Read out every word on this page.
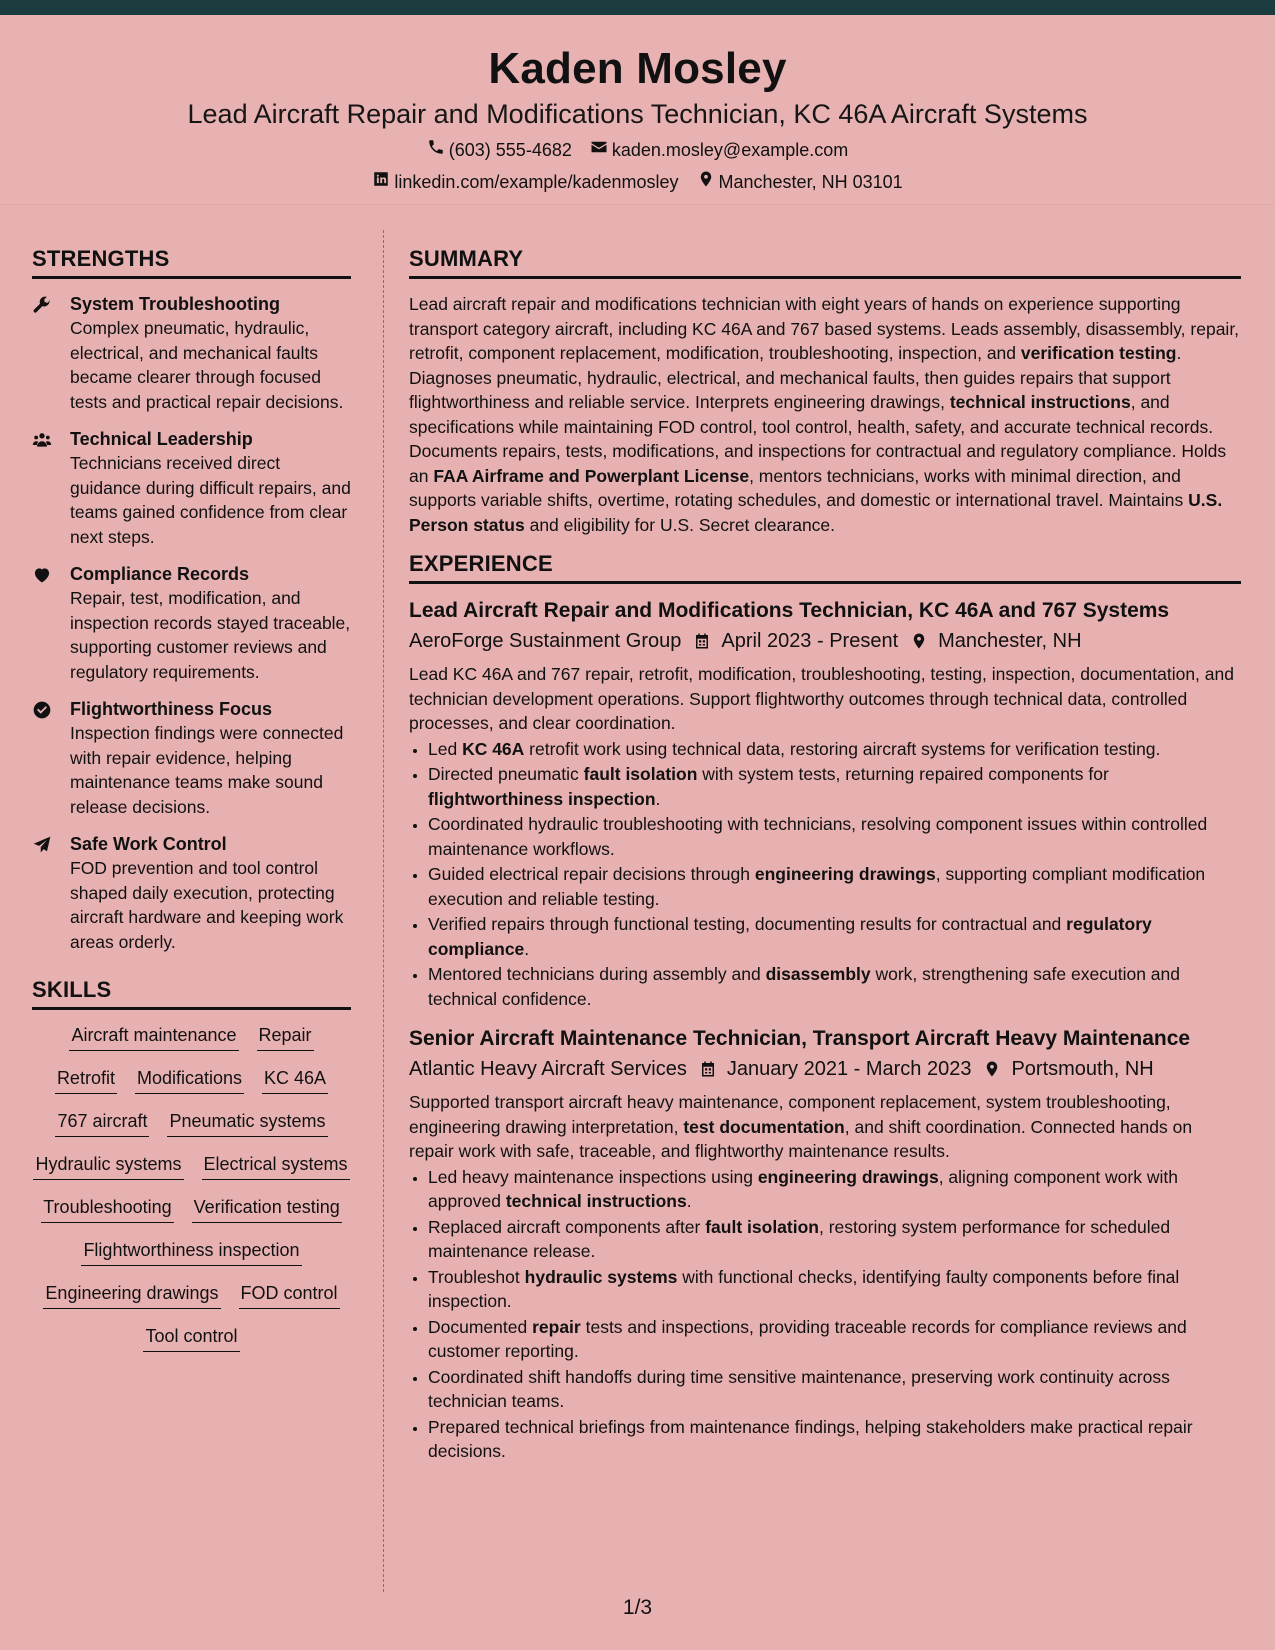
Kaden Mosley
Lead Aircraft Repair and Modifications Technician, KC 46A Aircraft Systems
(603) 555-4682 kaden.mosley@example.com
linkedin.com/example/kadenmosley Manchester, NH 03101
STRENGTHS
System Troubleshooting
Complex pneumatic, hydraulic, electrical, and mechanical faults became clearer through focused tests and practical repair decisions.
Technical Leadership
Technicians received direct guidance during difficult repairs, and teams gained confidence from clear next steps.
Compliance Records
Repair, test, modification, and inspection records stayed traceable, supporting customer reviews and regulatory requirements.
Flightworthiness Focus
Inspection findings were connected with repair evidence, helping maintenance teams make sound release decisions.
Safe Work Control
FOD prevention and tool control shaped daily execution, protecting aircraft hardware and keeping work areas orderly.
SKILLS
Aircraft maintenance Repair
Retrofit Modifications KC 46A
767 aircraft Pneumatic systems
Hydraulic systems Electrical systems
Troubleshooting Verification testing
Flightworthiness inspection
Engineering drawings FOD control
Tool control
SUMMARY

Lead aircraft repair and modifications technician with eight years of hands on experience supporting transport category aircraft, including KC 46A and 767 based systems. Leads assembly, disassembly, repair, retrofit, component replacement, modification, troubleshooting, inspection, and verification testing. Diagnoses pneumatic, hydraulic, electrical, and mechanical faults, then guides repairs that support flightworthiness and reliable service. Interprets engineering drawings, technical instructions, and specifications while maintaining FOD control, tool control, health, safety, and accurate technical records. Documents repairs, tests, modifications, and inspections for contractual and regulatory compliance. Holds an FAA Airframe and Powerplant License, mentors technicians, works with minimal direction, and supports variable shifts, overtime, rotating schedules, and domestic or international travel. Maintains U.S. Person status and eligibility for U.S. Secret clearance.

EXPERIENCE
Lead Aircraft Repair and Modifications Technician, KC 46A and 767 Systems
AeroForge Sustainment Group April 2023 - Present Manchester, NH

Lead KC 46A and 767 repair, retrofit, modification, troubleshooting, testing, inspection, documentation, and technician development operations. Support flightworthy outcomes through technical data, controlled processes, and clear coordination.

• Led KC 46A retrofit work using technical data, restoring aircraft systems for verification testing.
• Directed pneumatic fault isolation with system tests, returning repaired components for flightworthiness inspection.
• Coordinated hydraulic troubleshooting with technicians, resolving component issues within controlled maintenance workflows.
• Guided electrical repair decisions through engineering drawings, supporting compliant modification execution and reliable testing.
• Verified repairs through functional testing, documenting results for contractual and regulatory compliance.
• Mentored technicians during assembly and disassembly work, strengthening safe execution and technical confidence.
Senior Aircraft Maintenance Technician, Transport Aircraft Heavy Maintenance
Atlantic Heavy Aircraft Services January 2021 - March 2023 Portsmouth, NH

Supported transport aircraft heavy maintenance, component replacement, system troubleshooting, engineering drawing interpretation, test documentation, and shift coordination. Connected hands on repair work with safe, traceable, and flightworthy maintenance results.

• Led heavy maintenance inspections using engineering drawings, aligning component work with approved technical instructions.
• Replaced aircraft components after fault isolation, restoring system performance for scheduled maintenance release.
• Troubleshot hydraulic systems with functional checks, identifying faulty components before final inspection.
• Documented repair tests and inspections, providing traceable records for compliance reviews and customer reporting.
• Coordinated shift handoffs during time sensitive maintenance, preserving work continuity across technician teams.
• Prepared technical briefings from maintenance findings, helping stakeholders make practical repair decisions.
1/3
